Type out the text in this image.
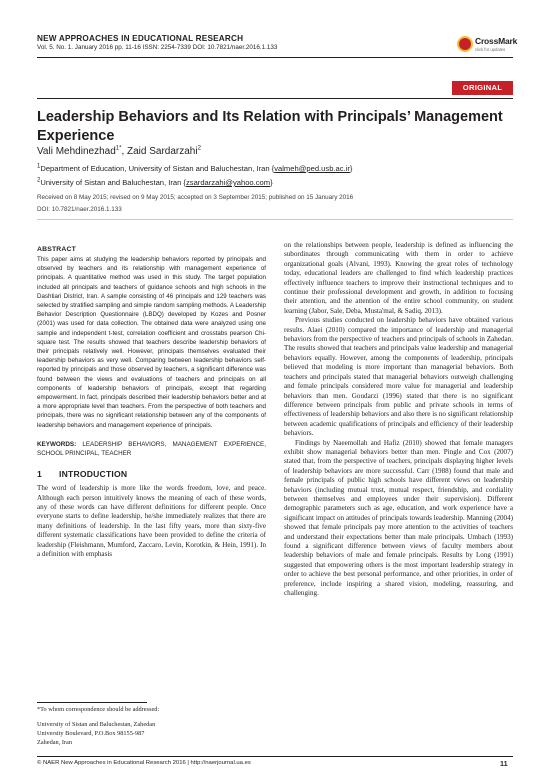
NEW APPROACHES IN EDUCATIONAL RESEARCH
Vol. 5. No. 1. January 2016 pp. 11-16 ISSN: 2254-7339 DOI: 10.7821/naer.2016.1.133
CrossMark
click for updates
ORIGINAL
Leadership Behaviors and Its Relation with Principals’ Management Experience
Vali Mehdinezhad$^{1*}$, Zaid Sardarzahi$^2$
$^1$Department of Education, University of Sistan and Baluchestan, Iran {valmeh@ped.usb.ac.ir}
$^2$University of Sistan and Baluchestan, Iran {zsardarzahi@yahoo.com}
Received on 8 May 2015; revised on 9 May 2015; accepted on 3 September 2015; published on 15 January 2016
DOI: 10.7821/naer.2016.1.133
ABSTRACT
This paper aims at studying the leadership behaviors reported by principals and observed by teachers and its relationship with management experience of principals. A quantitative method was used in this study. The target population included all principals and teachers of guidance schools and high schools in the Dashtiari District, Iran. A sample consisting of 46 principals and 129 teachers was selected by stratified sampling and simple random sampling methods. A Leadership Behavior Description Questionnaire (LBDQ) developed by Kozes and Posner (2001) was used for data collection. The obtained data were analyzed using one sample and independent t-test, correlation coefficient and crosstabs pearson Chi-square test. The results showed that teachers describe leadership behaviors of their principals relatively well. However, principals themselves evaluated their leadership behaviors as very well. Comparing between leadership behaviors self-reported by principals and those observed by teachers, a significant difference was found between the views and evaluations of teachers and principals on all components of leadership behaviors of principals, except that regarding empowerment. In fact, principals described their leadership behaviors better and at a more appropriate level than teachers. From the perspective of both teachers and principals, there was no significant relationship between any of the components of leadership behaviors and management experience of principals.
KEYWORDS: LEADERSHIP BEHAVIORS, MANAGEMENT EXPERIENCE, SCHOOL PRINCIPAL, TEACHER
1 INTRODUCTION
The word of leadership is more like the words freedom, love, and peace. Although each person intuitively knows the meaning of each of these words, any of these words can have different definitions for different people. Once everyone starts to define leadership, he/she immediately realizes that there are many definitions of leadership. In the last fifty years, more than sixty-five different systematic classifications have been provided to define the criteria of leadership (Fleishmann, Mumford, Zaccaro, Levin, Korotkin, & Hein, 1991). In a definition with emphasis

on the relationships between people, leadership is defined as influencing the subordinates through communicating with them in order to achieve organizational goals (Alvani, 1993). Knowing the great roles of technology today, educational leaders are challenged to find which leadership practices effectively influence teachers to improve their instructional techniques and to continue their professional development and growth, in addition to focusing their attention, and the attention of the entire school community, on student learning (Jabor, Sale, Deba, Musta'mal, & Sadiq, 2013).

Previous studies conducted on leadership behaviors have obtained various results. Alaei (2010) compared the importance of leadership and managerial behaviors from the perspective of teachers and principals of schools in Zahedan. The results showed that teachers and principals value leadership and managerial behaviors equally. However, among the components of leadership, principals believed that modeling is more important than managerial behaviors. Both teachers and principals stated that managerial behaviors outweigh challenging and female principals considered more value for managerial and leadership behaviors than men. Goudarzi (1996) stated that there is no significant difference between principals from public and private schools in terms of effectiveness of leadership behaviors and also there is no significant relationship between academic qualifications of principals and efficiency of their leadership behaviors.

Findings by Naeemollah and Hafiz (2010) showed that female managers exhibit show managerial behaviors better than men. Pingle and Cox (2007) stated that, from the perspective of teachers, principals displaying higher levels of leadership behaviors are more successful. Carr (1988) found that male and female principals of public high schools have different views on leadership behaviors (including mutual trust, mutual respect, friendship, and cordiality between themselves and employees under their supervision). Different demographic parameters such as age, education, and work experience have a significant impact on attitudes of principals towards leadership. Manning (2004) showed that female principals pay more attention to the activities of teachers and understand their expectations better than male principals. Umbach (1993) found a significant difference between views of faculty members about leadership behaviors of male and female principals. Results by Long (1991) suggested that empowering others is the most important leadership strategy in order to achieve the best personal performance, and other priorities, in order of preference, include inspiring a shared vision, modeling, reassuring, and challenging.

*To whom correspondence should be addressed:
University of Sistan and Baluchestan, Zahedan
University Boulevard, P.O.Box 98155-987
Zahedan, Iran
© NAER New Approaches in Educational Research 2016 | http://naerjournal.ua.es	11
